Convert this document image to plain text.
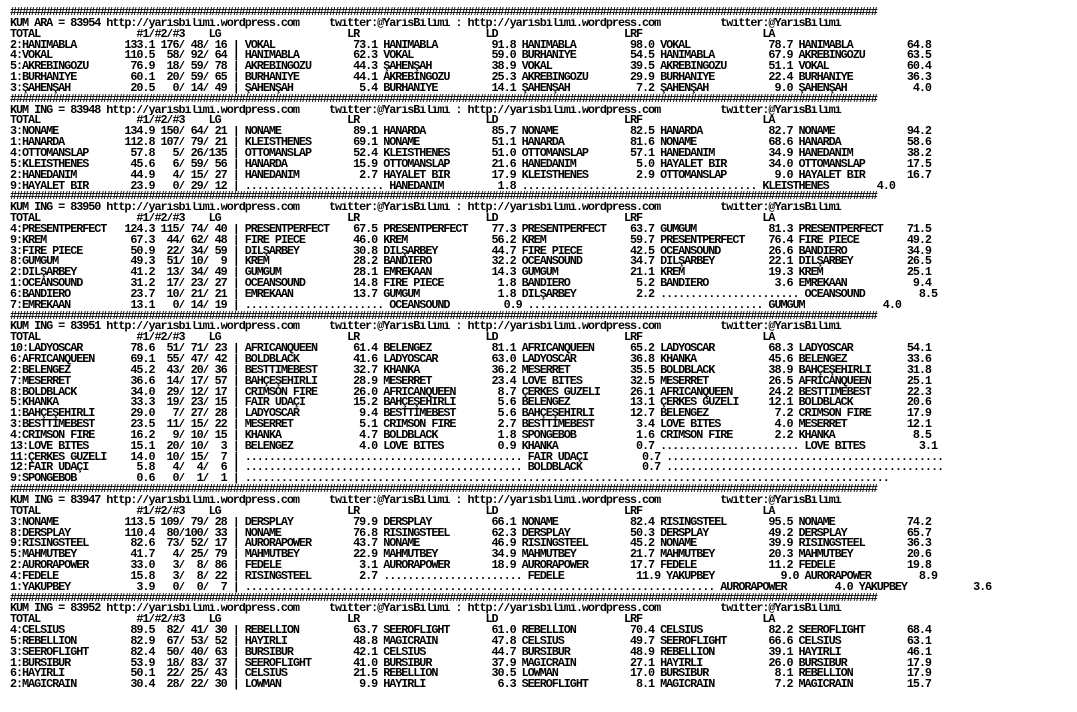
################################################################################################################################################
KUM ARA = 83954 http://yarisbilimi.wordpress.com     twitter:@YarisBilimi : http://yarisbilimi.wordpress.com          twitter:@YarisBilimi
TOTAL                #1/#2/#3    LG                     LR                     LD                     LRF                    LA
2:HANIMABLA        133.1 176/ 48/ 16 | VOKAL             73.1 HANIMABLA         91.8 HANIMABLA         98.0 VOKAL             78.7 HANIMABLA         64.8
4:VOKAL            110.5  58/ 92/ 64 | HANIMABLA         62.3 VOKAL             59.0 BURHANİYE         54.5 HANIMABLA         67.9 AKREBİNGÖZÜ       63.5
5:AKREBİNGÖZÜ       76.9  18/ 59/ 78 | AKREBİNGÖZÜ       44.3 ŞAHENŞAH          38.9 VOKAL             39.5 AKREBİNGÖZÜ       51.1 VOKAL             60.4
1:BURHANİYE         60.1  20/ 59/ 65 | BURHANİYE         44.1 AKREBİNGÖZÜ       25.3 AKREBİNGÖZÜ       29.9 BURHANİYE         22.4 BURHANİYE         36.3
3:ŞAHENŞAH          20.5   0/ 14/ 49 | ŞAHENŞAH           5.4 BURHANİYE         14.1 ŞAHENŞAH           7.2 ŞAHENŞAH           9.0 ŞAHENŞAH           4.0
################################################################################################################################################
KUM ING = 83948 http://yarisbilimi.wordpress.com     twitter:@YarisBilimi : http://yarisbilimi.wordpress.com          twitter:@YarisBilimi
TOTAL                #1/#2/#3    LG                     LR                     LD                     LRF                    LA
3:NONAME           134.9 150/ 64/ 21 | NONAME            89.1 HANARDA           85.7 NONAME            82.5 HANARDA           82.7 NONAME            94.2
1:HANARDA          112.8 107/ 79/ 21 | KLEISTHENES       69.1 NONAME            51.1 HANARDA           81.6 NONAME            68.6 HANARDA           58.6
4:OTTOMANSLAP       57.8   5/ 26/135 | OTTOMANSLAP       52.4 KLEISTHENES       51.0 OTTOMANSLAP       57.1 HANEDANIM         34.9 HANEDANIM         38.2
5:KLEISTHENES       45.6   6/ 59/ 56 | HANARDA           15.9 OTTOMANSLAP       21.6 HANEDANIM          5.0 HAYALET BİR       34.0 OTTOMANSLAP       17.5
2:HANEDANIM         44.9   4/ 15/ 27 | HANEDANIM          2.7 HAYALET BİR       17.9 KLEISTHENES        2.9 OTTOMANSLAP        9.0 HAYALET BİR       16.7
9:HAYALET BİR       23.9   0/ 29/ 12 | ....................... HANEDANIM         1.8 ....................................... KLEISTHENES        4.0
################################################################################################################################################
KUM ING = 83950 http://yarisbilimi.wordpress.com     twitter:@YarisBilimi : http://yarisbilimi.wordpress.com          twitter:@YarisBilimi
TOTAL                #1/#2/#3    LG                     LR                     LD                     LRF                    LA
4:PRESENTPERFECT   124.3 115/ 74/ 40 | PRESENTPERFECT    67.5 PRESENTPERFECT    77.3 PRESENTPERFECT    63.7 GÜMGÜM            81.3 PRESENTPERFECT    71.5
9:KREM              67.3  44/ 62/ 48 | FIRE PIECE        46.0 KREM              56.2 KREM              59.7 PRESENTPERFECT    76.4 FIRE PIECE        49.2
3:FIRE PIECE        50.9  22/ 34/ 59 | DİLŞARBEY         30.8 DİLŞARBEY         44.7 FIRE PIECE        42.5 OCEANSOUND        26.6 BANDIERO          34.9
8:GÜMGÜM            49.3  51/ 10/  9 | KREM              28.2 BANDIERO          32.2 OCEANSOUND        34.7 DİLŞARBEY         22.1 DİLŞARBEY         26.5
2:DİLŞARBEY         41.2  13/ 34/ 49 | GÜMGÜM            28.1 EMREKAAN          14.3 GÜMGÜM            21.1 KREM              19.3 KREM              25.1
1:OCEANSOUND        31.2  17/ 23/ 27 | OCEANSOUND        14.8 FIRE PIECE         1.8 BANDIERO           5.2 BANDIERO           3.6 EMREKAAN           9.4
6:BANDIERO          23.7  10/ 21/ 21 | EMREKAAN          13.7 GÜMGÜM             1.8 DİLŞARBEY          2.2 ....................... OCEANSOUND         8.5
7:EMREKAAN          13.1   0/ 14/ 19 | ....................... OCEANSOUND         0.9 ....................................... GÜMGÜM             4.0
################################################################################################################################################
KUM ING = 83951 http://yarisbilimi.wordpress.com     twitter:@YarisBilimi : http://yarisbilimi.wordpress.com          twitter:@YarisBilimi
TOTAL                #1/#2/#3    LG                     LR                     LD                     LRF                    LA
10:LADYOSCAR        78.6  51/ 71/ 23 | AFRICANQUEEN      61.4 BELENGEZ          81.1 AFRICANQUEEN      65.2 LADYOSCAR         68.3 LADYOSCAR         54.1
6:AFRICANQUEEN      69.1  55/ 47/ 42 | BOLDBLACK         41.6 LADYOSCAR         63.0 LADYOSCAR         36.8 KHANKA            45.6 BELENGEZ          33.6
2:BELENGEZ          45.2  43/ 20/ 36 | BESTTIMEBEST      32.7 KHANKA            36.2 MESERRET          35.5 BOLDBLACK         38.9 BAHÇEŞEHİRLİ      31.8
7:MESERRET          36.6  14/ 17/ 57 | BAHÇEŞEHİRLİ      28.9 MESERRET          23.4 LOVE BITES        32.5 MESERRET          26.5 AFRICANQUEEN      25.1
8:BOLDBLACK         34.0  29/ 12/ 17 | CRIMSON FIRE      26.0 AFRICANQUEEN       8.7 ÇERKES GÜZELİ     26.1 AFRICANQUEEN      24.2 BESTTIMEBEST      22.3
5:KHANKA            33.3  19/ 23/ 15 | FAIR UDAÇİ        15.2 BAHÇEŞEHİRLİ       5.6 BELENGEZ          13.1 ÇERKES GÜZELİ     12.1 BOLDBLACK         20.6
1:BAHÇEŞEHİRLİ      29.0   7/ 27/ 28 | LADYOSCAR          9.4 BESTTIMEBEST       5.6 BAHÇEŞEHİRLİ      12.7 BELENGEZ           7.2 CRIMSON FIRE      17.9
3:BESTTIMEBEST      23.5  11/ 15/ 22 | MESERRET           5.1 CRIMSON FIRE       2.7 BESTTIMEBEST       3.4 LOVE BITES         4.0 MESERRET          12.1
4:CRIMSON FIRE      16.2   9/ 10/ 15 | KHANKA             4.7 BOLDBLACK          1.8 SPONGEBOB          1.6 CRIMSON FIRE       2.2 KHANKA             8.5
13:LOVE BITES       15.1  20/ 10/  3 | BELENGEZ           4.0 LOVE BITES         0.9 KHANKA             0.7 ....................... LOVE BITES         3.1
11:ÇERKES GÜZELİ    14.0  10/ 15/  7 | .............................................. FAIR UDAÇİ         0.7 ..............................................
12:FAIR UDAÇİ        5.8   4/  4/  6 | .............................................. BOLDBLACK          0.7 ..............................................
9:SPONGEBOB          0.6   0/  1/  1 | ...........................................................................................................
################################################################################################################################################
KUM ING = 83947 http://yarisbilimi.wordpress.com     twitter:@YarisBilimi : http://yarisbilimi.wordpress.com          twitter:@YarisBilimi
TOTAL                #1/#2/#3    LG                     LR                     LD                     LRF                    LA
3:NONAME           113.5 109/ 79/ 28 | DERSPLAY          79.9 DERSPLAY          66.1 NONAME            82.4 RISINGSTEEL       95.5 NONAME            74.2
8:DERSPLAY         110.4  80/100/ 33 | NONAME            76.8 RISINGSTEEL       62.3 DERSPLAY          50.3 DERSPLAY          49.2 DERSPLAY          65.7
9:RISINGSTEEL       82.6  73/ 52/ 17 | AURORAPOWER       43.7 NONAME            46.9 RISINGSTEEL       45.2 NONAME            39.9 RISINGSTEEL       36.3
5:MAHMUTBEY         41.7   4/ 25/ 79 | MAHMUTBEY         22.9 MAHMUTBEY         34.9 MAHMUTBEY         21.7 MAHMUTBEY         20.3 MAHMUTBEY         20.6
2:AURORAPOWER       33.0   3/  8/ 86 | FEDELE             3.1 AURORAPOWER       18.9 AURORAPOWER       17.7 FEDELE            11.2 FEDELE            19.8
4:FEDELE            15.8   3/  8/ 22 | RISINGSTEEL        2.7 ....................... FEDELE            11.9 YAKUPBEY           9.0 AURORAPOWER        8.9
1:YAKUPBEY           3.9   0/  0/  7 | .............................................................................. AURORAPOWER        4.0 YAKUPBEY           3.6
################################################################################################################################################
KUM ING = 83952 http://yarisbilimi.wordpress.com     twitter:@YarisBilimi : http://yarisbilimi.wordpress.com          twitter:@YarisBilimi
TOTAL                #1/#2/#3    LG                     LR                     LD                     LRF                    LA
4:CELSIUS           89.5  82/ 41/ 30 | REBELLION         63.7 SEEROFLIGHT       61.0 REBELLION         70.4 CELSIUS           82.2 SEEROFLIGHT       68.4
5:REBELLION         82.9  67/ 53/ 52 | HAYIRLI           48.8 MAGICRAIN         47.8 CELSIUS           49.7 SEEROFLIGHT       66.6 CELSIUS           63.1
3:SEEROFLIGHT       82.4  50/ 40/ 63 | BURSIBUR          42.1 CELSIUS           44.7 BURSIBUR          48.9 REBELLION         39.1 HAYIRLI           46.1
1:BURSIBUR          53.9  18/ 83/ 37 | SEEROFLIGHT       41.0 BURSIBUR          37.9 MAGICRAIN         27.1 HAYIRLI           26.0 BURSIBUR          17.9
6:HAYIRLI           50.1  22/ 25/ 43 | CELSIUS           21.5 REBELLION         30.5 LOWMAN            17.0 BURSIBUR           8.1 REBELLION         17.9
2:MAGICRAIN         30.4  28/ 22/ 30 | LOWMAN             9.9 HAYIRLI            6.3 SEEROFLIGHT        8.1 MAGICRAIN          7.2 MAGICRAIN         15.7
